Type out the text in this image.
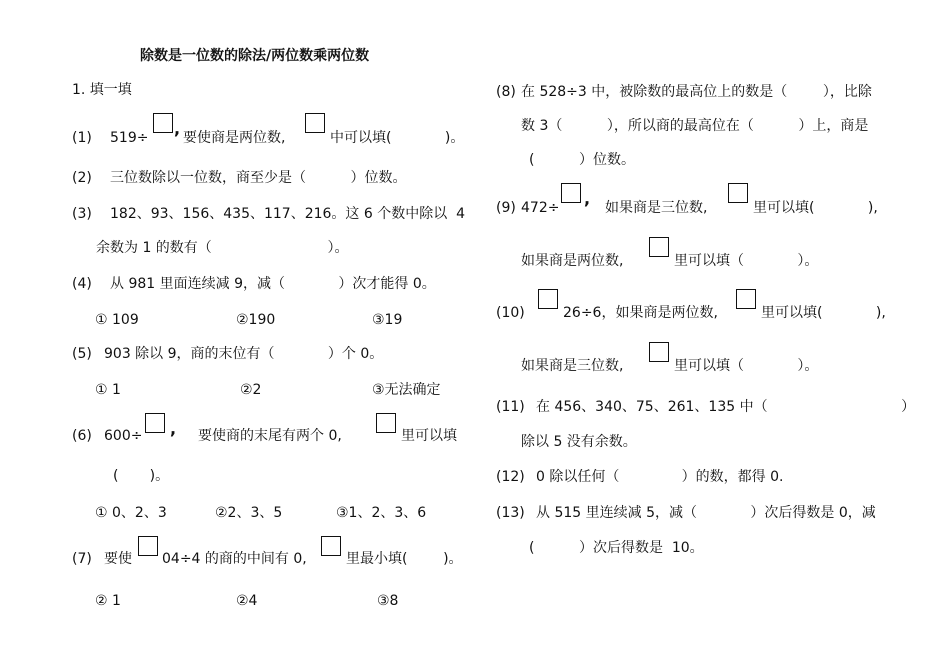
除数是一位数的除法/两位数乘两位数
1. 填一填
(1) 519÷ , 要使商是两位数,	中可以填(            )。
(2) 三位数除以一位数，商至少是（          ）位数。
(3) 182、93、156、435、117、216。这 6 个数中除以  4
余数为 1 的数有（                          ）。
(4) 从 981 里面连续减 9，减（            ）次才能得 0。
① 109	②190	③19
(5) 903 除以 9，商的末位有（            ）个 0。
① 1	②2	③无法确定
(6) 600÷ , 要使商的末尾有两个 0,	里可以填
(       )。
① 0、2、3	②2、3、5	③1、2、3、6
(7) 要使 04÷4 的商的中间有 0,	里最小填(        )。
② 1	②4	③8
(8) 在 528÷3 中，被除数的最高位上的数是（        ），比除
数 3（          ），所以商的最高位在（          ）上，商是
(          ）位数。
(9) 472÷ , 如果商是三位数,	里可以填(            ),
如果商是两位数,	里可以填（            ）。
(10)	26÷6，如果商是两位数,	里可以填(            ),
如果商是三位数,	里可以填（            ）。
(11) 在 456、340、75、261、135 中（                              ）
除以 5 没有余数。
(12) 0 除以任何（              ）的数，都得 0.
(13) 从 515 里连续减 5，减（            ）次后得数是 0，减
(          ）次后得数是  10。
